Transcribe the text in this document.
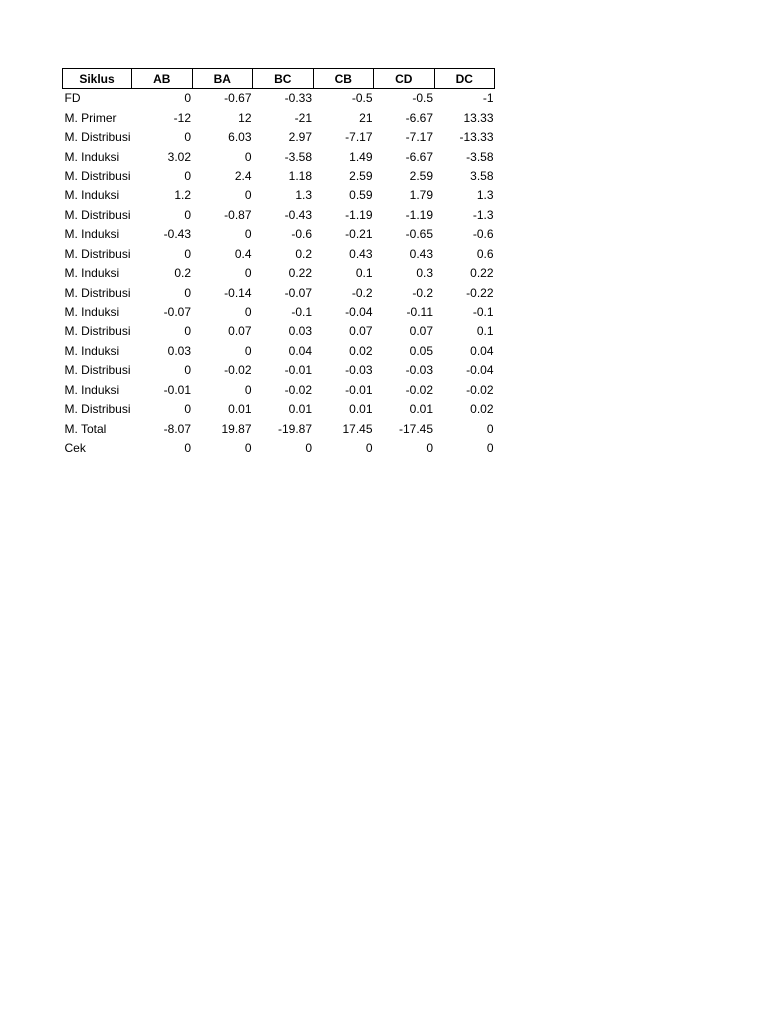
Siklus	AB	BA	BC	CB	CD	DC
FD	0	-0.67	-0.33	-0.5	-0.5	-1
M. Primer	-12	12	-21	21	-6.67	13.33
M. Distribusi	0	6.03	2.97	-7.17	-7.17	-13.33
M. Induksi	3.02	0	-3.58	1.49	-6.67	-3.58
M. Distribusi	0	2.4	1.18	2.59	2.59	3.58
M. Induksi	1.2	0	1.3	0.59	1.79	1.3
M. Distribusi	0	-0.87	-0.43	-1.19	-1.19	-1.3
M. Induksi	-0.43	0	-0.6	-0.21	-0.65	-0.6
M. Distribusi	0	0.4	0.2	0.43	0.43	0.6
M. Induksi	0.2	0	0.22	0.1	0.3	0.22
M. Distribusi	0	-0.14	-0.07	-0.2	-0.2	-0.22
M. Induksi	-0.07	0	-0.1	-0.04	-0.11	-0.1
M. Distribusi	0	0.07	0.03	0.07	0.07	0.1
M. Induksi	0.03	0	0.04	0.02	0.05	0.04
M. Distribusi	0	-0.02	-0.01	-0.03	-0.03	-0.04
M. Induksi	-0.01	0	-0.02	-0.01	-0.02	-0.02
M. Distribusi	0	0.01	0.01	0.01	0.01	0.02
M. Total	-8.07	19.87	-19.87	17.45	-17.45	0
Cek	0	0	0	0	0	0
